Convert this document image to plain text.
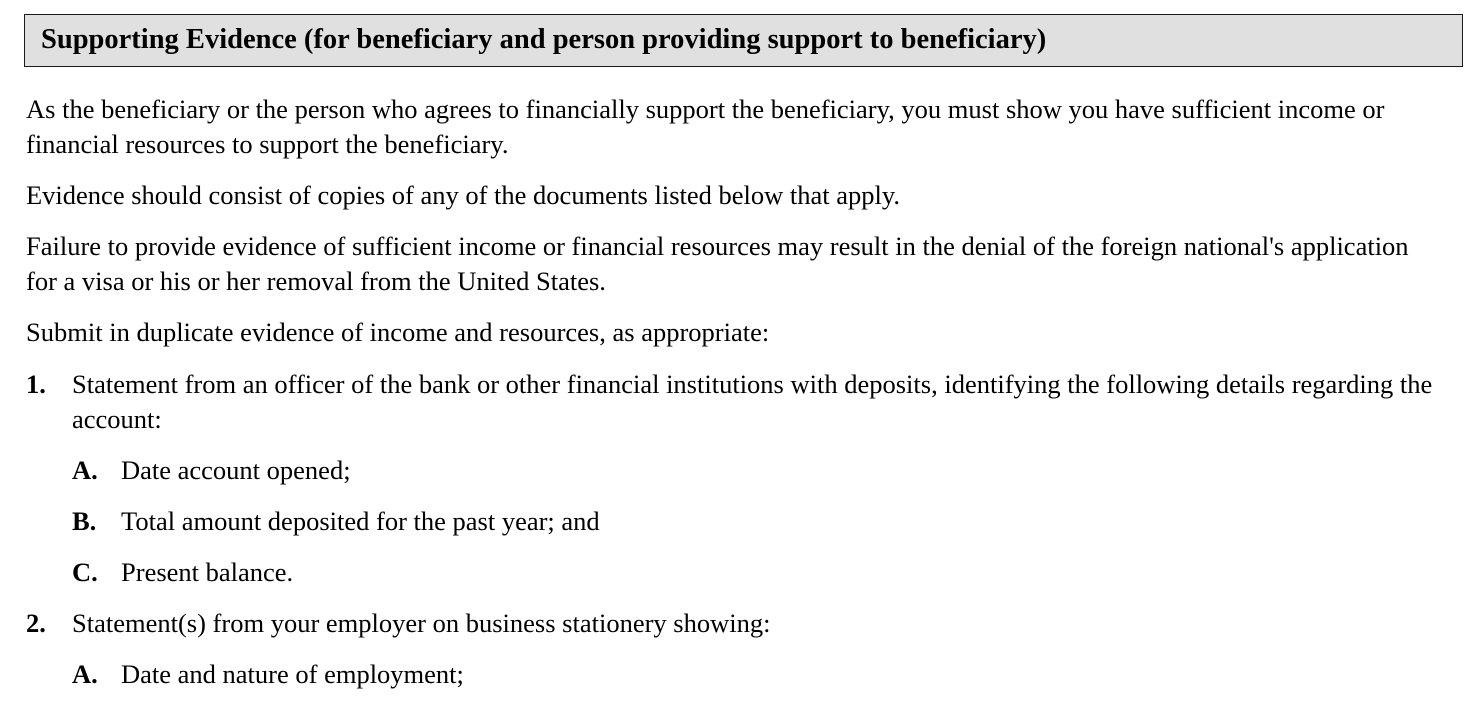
Supporting Evidence (for beneficiary and person providing support to beneficiary)

As the beneficiary or the person who agrees to financially support the beneficiary, you must show you have sufficient income or financial resources to support the beneficiary.

Evidence should consist of copies of any of the documents listed below that apply.

Failure to provide evidence of sufficient income or financial resources may result in the denial of the foreign national's application for a visa or his or her removal from the United States.

Submit in duplicate evidence of income and resources, as appropriate:

1. Statement from an officer of the bank or other financial institutions with deposits, identifying the following details regarding the account:

A. Date account opened;

B. Total amount deposited for the past year; and

C. Present balance.

2. Statement(s) from your employer on business stationery showing:

A. Date and nature of employment;
